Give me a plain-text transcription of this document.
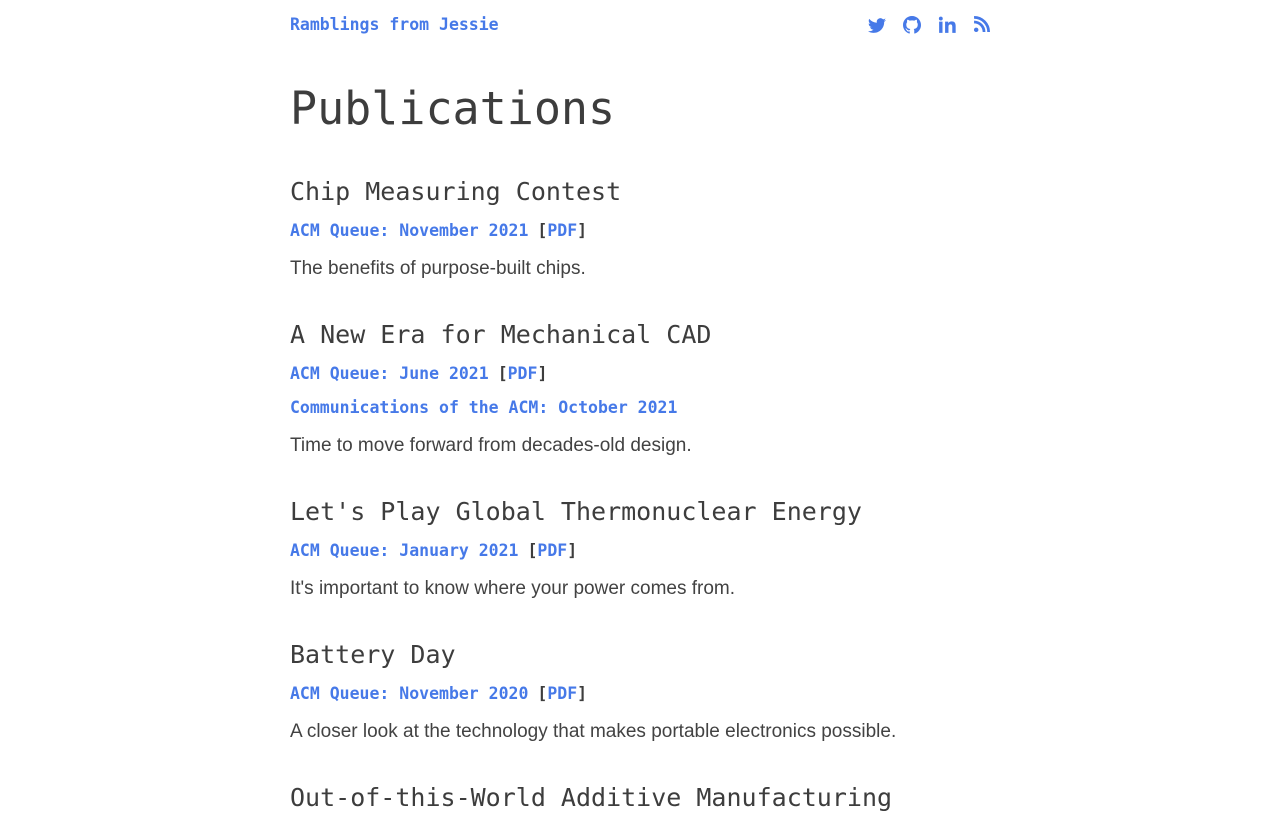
Ramblings from Jessie
Publications
Chip Measuring Contest

ACM Queue: November 2021 [PDF]

The benefits of purpose-built chips.

A New Era for Mechanical CAD

ACM Queue: June 2021 [PDF]

Communications of the ACM: October 2021

Time to move forward from decades-old design.

Let's Play Global Thermonuclear Energy

ACM Queue: January 2021 [PDF]

It's important to know where your power comes from.

Battery Day

ACM Queue: November 2020 [PDF]

A closer look at the technology that makes portable electronics possible.

Out-of-this-World Additive Manufacturing
